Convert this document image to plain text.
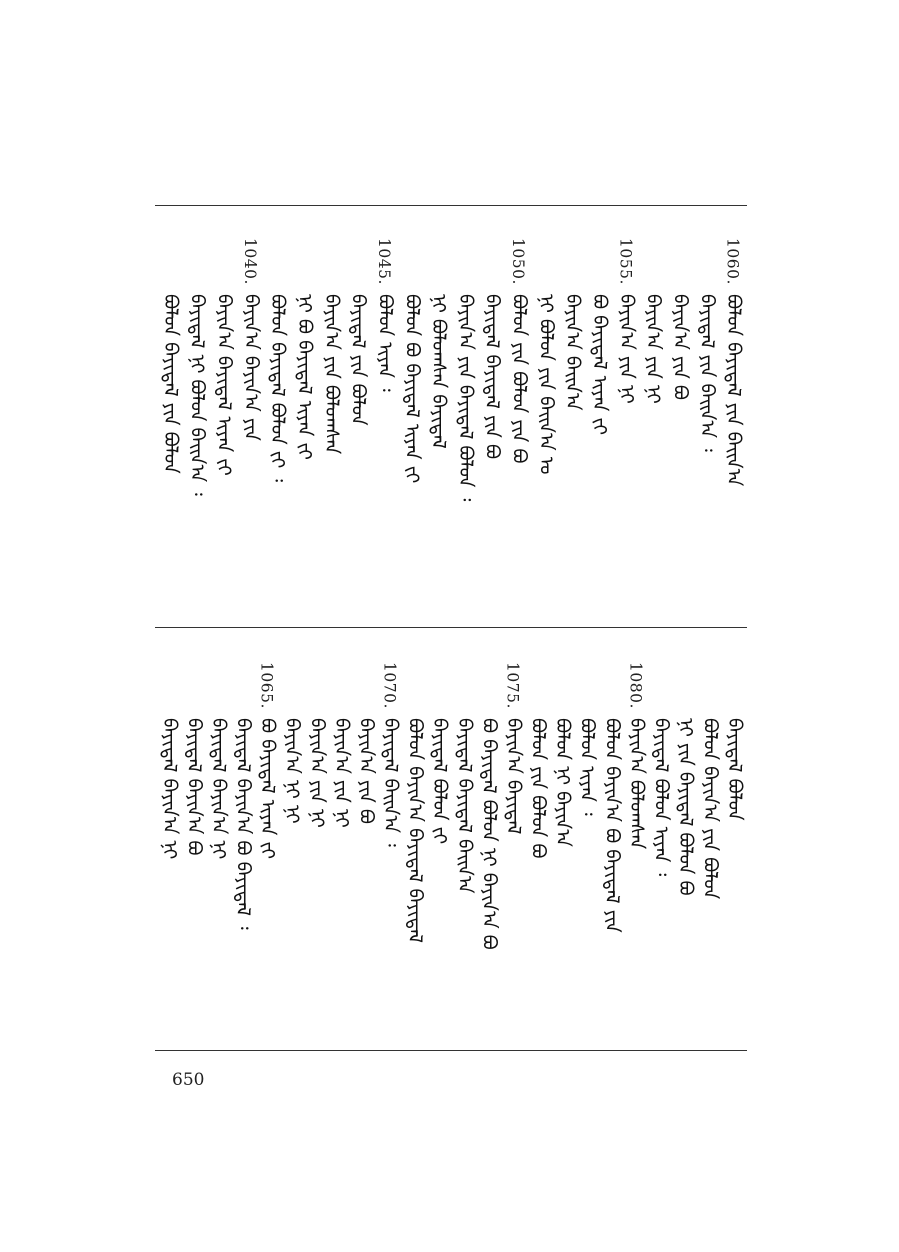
1060.
ᠪᠣᠯᠤᠨ ᠪᠠᠶᠢᠳᠠᠯ ᠶᠢᠨ ᠪᠠᠢ᠌ᠨ᠎ᠠ
ᠪᠠᠶᠢᠳᠠᠯ ᠶᠢᠨ ᠪᠠᠢ᠌ᠨ᠎ᠠ ᠄
ᠪᠠᠶᠢᠨ᠎ᠠ ᠶᠢᠨ ᠪᠣ
ᠪᠠᠶᠢᠨ᠎ᠠ ᠶᠢᠨ ᠨᠢ
1055.
ᠪᠠᠶᠢᠨ᠎ᠠ ᠶᠢᠨ ᠨᠢ
ᠪᠣ ᠪᠠᠶᠢᠳᠠᠯ ᠢᠶᠡᠨ ᠵᠢ
ᠪᠠᠶᠢᠨ᠎ᠠ ᠪᠠᠢ᠌ᠨ᠎ᠠ
ᠨᠢ ᠪᠣᠯᠤᠨ ᠶᠢᠨ ᠪᠠᠢ᠌ᠨ᠎ᠠ ᠣ
1050.
ᠪᠣᠯᠤᠨ ᠶᠢᠨ ᠪᠣᠯᠤᠨ ᠶᠢᠨ ᠪᠣ
ᠪᠠᠶᠢᠳᠠᠯ ᠪᠠᠶᠢᠳᠠᠯ ᠶᠢᠨ ᠪᠣ
ᠪᠠᠶᠢᠨ᠎ᠠ ᠶᠢᠨ ᠪᠠᠶᠢᠳᠠᠯ ᠪᠣᠯᠤᠨ ᠄
ᠨᠢ ᠪᠣᠯᠤᠭᠰᠠᠨ ᠪᠠᠶᠢᠳᠠᠯ
ᠪᠣᠯᠤᠨ ᠪᠣ ᠪᠠᠶᠢᠳᠠᠯ ᠢᠶᠡᠨ ᠵᠢ
1045.
ᠪᠣᠯᠤᠨ ᠢᠶᠡᠨ ᠄
ᠪᠠᠶᠢᠳᠠᠯ ᠶᠢᠨ ᠪᠣᠯᠤᠨ
ᠪᠠᠶᠢᠨ᠎ᠠ ᠶᠢᠨ ᠪᠣᠯᠤᠭᠰᠠᠨ
ᠨᠢ ᠪᠣ ᠪᠠᠶᠢᠳᠠᠯ ᠢᠶᠡᠨ ᠵᠢ
ᠪᠣᠯᠤᠨ ᠪᠠᠶᠢᠳᠠᠯ ᠪᠣᠯᠤᠨ ᠵᠢ ᠄
1040.
ᠪᠠᠶᠢᠨ᠎ᠠ ᠪᠠᠶᠢᠨ᠎ᠠ ᠶᠢᠨ
ᠪᠠᠶᠢᠨ᠎ᠠ ᠪᠠᠶᠢᠳᠠᠯ ᠢᠶᠡᠨ ᠵᠢ
ᠪᠠᠶᠢᠳᠠᠯ ᠨᠢ ᠪᠣᠯᠤᠨ ᠪᠠᠢ᠌ᠨ᠎ᠠ ᠄
ᠪᠣᠯᠤᠨ ᠪᠠᠶᠢᠳᠠᠯ ᠶᠢᠨ ᠪᠣᠯᠤᠨ
ᠪᠠᠶᠢᠳᠠᠯ ᠪᠣᠯᠤᠨ
ᠪᠣᠯᠤᠨ ᠪᠠᠶᠢᠨ᠎ᠠ ᠶᠢᠨ ᠪᠣᠯᠤᠨ
ᠨᠢ ᠶᠢᠨ ᠪᠠᠶᠢᠳᠠᠯ ᠪᠣᠯᠤᠨ ᠪᠣ
ᠪᠠᠶᠢᠳᠠᠯ ᠪᠣᠯᠤᠨ ᠢᠶᠡᠨ ᠄
1080.
ᠪᠠᠶᠢᠨ᠎ᠠ ᠪᠣᠯᠤᠭᠰᠠᠨ
ᠪᠣᠯᠤᠨ ᠪᠠᠶᠢᠨ᠎ᠠ ᠪᠣ ᠪᠠᠶᠢᠳᠠᠯ ᠶᠢᠨ
ᠪᠣᠯᠤᠨ ᠢᠶᠡᠨ ᠄
ᠪᠣᠯᠤᠨ ᠨᠢ ᠪᠠᠶᠢᠨ᠎ᠠ
ᠪᠣᠯᠤᠨ ᠶᠢᠨ ᠪᠣᠯᠤᠨ ᠪᠣ
1075.
ᠪᠠᠶᠢᠨ᠎ᠠ ᠪᠠᠶᠢᠳᠠᠯ
ᠪᠣ ᠪᠠᠶᠢᠳᠠᠯ ᠪᠣᠯᠤᠨ ᠨᠢ ᠪᠠᠶᠢᠨ᠎ᠠ ᠪᠣ
ᠪᠠᠶᠢᠳᠠᠯ ᠪᠠᠶᠢᠳᠠᠯ ᠪᠠᠢ᠌ᠨ᠎ᠠ
ᠪᠠᠶᠢᠳᠠᠯ ᠪᠣᠯᠤᠨ ᠵᠢ
ᠪᠣᠯᠤᠨ ᠪᠠᠶᠢᠨ᠎ᠠ ᠪᠠᠶᠢᠳᠠᠯ ᠪᠠᠶᠢᠳᠠᠯ
1070.
ᠪᠠᠶᠢᠳᠠᠯ ᠪᠠᠢ᠌ᠨ᠎ᠠ ᠄
ᠪᠠᠶᠢᠨ᠎ᠠ ᠶᠢᠨ ᠪᠣ
ᠪᠠᠶᠢᠨ᠎ᠠ ᠶᠢᠨ ᠨᠢ
ᠪᠠᠶᠢᠨ᠎ᠠ ᠶᠢᠨ ᠨᠢ
ᠪᠠᠶᠢᠨ᠎ᠠ ᠨᠢ ᠨᠢ
1065.
ᠪᠣ ᠪᠠᠶᠢᠳᠠᠯ ᠢᠶᠡᠨ ᠵᠢ
ᠪᠠᠶᠢᠳᠠᠯ ᠪᠠᠶᠢᠨ᠎ᠠ ᠪᠣ ᠪᠠᠶᠢᠳᠠᠯ ᠄
ᠪᠠᠶᠢᠳᠠᠯ ᠪᠠᠶᠢᠨ᠎ᠠ ᠨᠢ
ᠪᠠᠶᠢᠳᠠᠯ ᠪᠠᠶᠢᠨ᠎ᠠ ᠪᠣ
ᠪᠠᠶᠢᠳᠠᠯ ᠪᠠᠶᠢᠨ᠎ᠠ ᠨᠢ
650
